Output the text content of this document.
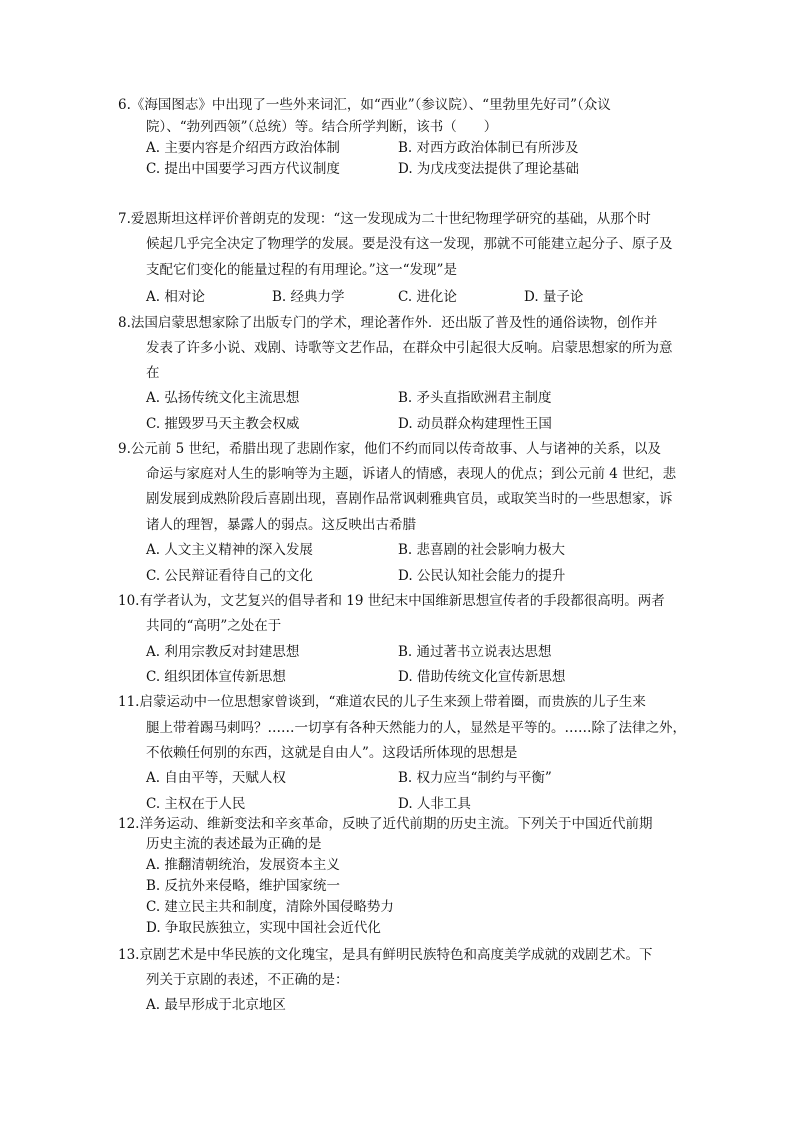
6.《海国图志》中出现了一些外来词汇，如“西业”（参议院）、“里勃里先好司”（众议
院）、“勃列西领”（总统）等。结合所学判断，该书（　　）
A. 主要内容是介绍西方政治体制	B. 对西方政治体制已有所涉及
C. 提出中国要学习西方代议制度	D. 为戊戌变法提供了理论基础
7.爱恩斯坦这样评价普朗克的发现：“这一发现成为二十世纪物理学研究的基础，从那个时
候起几乎完全决定了物理学的发展。要是没有这一发现，那就不可能建立起分子、原子及
支配它们变化的能量过程的有用理论。”这一“发现”是
A. 相对论	B. 经典力学	C. 进化论	D. 量子论
8.法国启蒙思想家除了出版专门的学术，理论著作外．还出版了普及性的通俗读物，创作并
发表了许多小说、戏剧、诗歌等文艺作品，在群众中引起很大反响。启蒙思想家的所为意
在
A. 弘扬传统文化主流思想	B. 矛头直指欧洲君主制度
C. 摧毁罗马天主教会权威	D. 动员群众构建理性王国
9.公元前 5 世纪，希腊出现了悲剧作家，他们不约而同以传奇故事、人与诸神的关系，以及
命运与家庭对人生的影响等为主题，诉诸人的情感，表现人的优点；到公元前 4 世纪，悲
剧发展到成熟阶段后喜剧出现，喜剧作品常讽刺雅典官员，或取笑当时的一些思想家，诉
诸人的理智，暴露人的弱点。这反映出古希腊
A. 人文主义精神的深入发展	B. 悲喜剧的社会影响力极大
C. 公民辩证看待自己的文化	D. 公民认知社会能力的提升
10.有学者认为，文艺复兴的倡导者和 19 世纪末中国维新思想宣传者的手段都很高明。两者
共同的“高明”之处在于
A. 利用宗教反对封建思想	B. 通过著书立说表达思想
C. 组织团体宣传新思想	D. 借助传统文化宣传新思想
11.启蒙运动中一位思想家曾谈到，“难道农民的儿子生来颈上带着圈，而贵族的儿子生来
腿上带着踢马刺吗？……一切享有各种天然能力的人，显然是平等的。……除了法律之外，
不依赖任何别的东西，这就是自由人”。这段话所体现的思想是
A. 自由平等，天赋人权	B. 权力应当“制约与平衡”
C. 主权在于人民	D. 人非工具
12.洋务运动、维新变法和辛亥革命，反映了近代前期的历史主流。下列关于中国近代前期
历史主流的表述最为正确的是
A. 推翻清朝统治，发展资本主义
B. 反抗外来侵略，维护国家统一
C. 建立民主共和制度，清除外国侵略势力
D. 争取民族独立，实现中国社会近代化
13.京剧艺术是中华民族的文化瑰宝，是具有鲜明民族特色和高度美学成就的戏剧艺术。下
列关于京剧的表述，不正确的是：
A. 最早形成于北京地区
